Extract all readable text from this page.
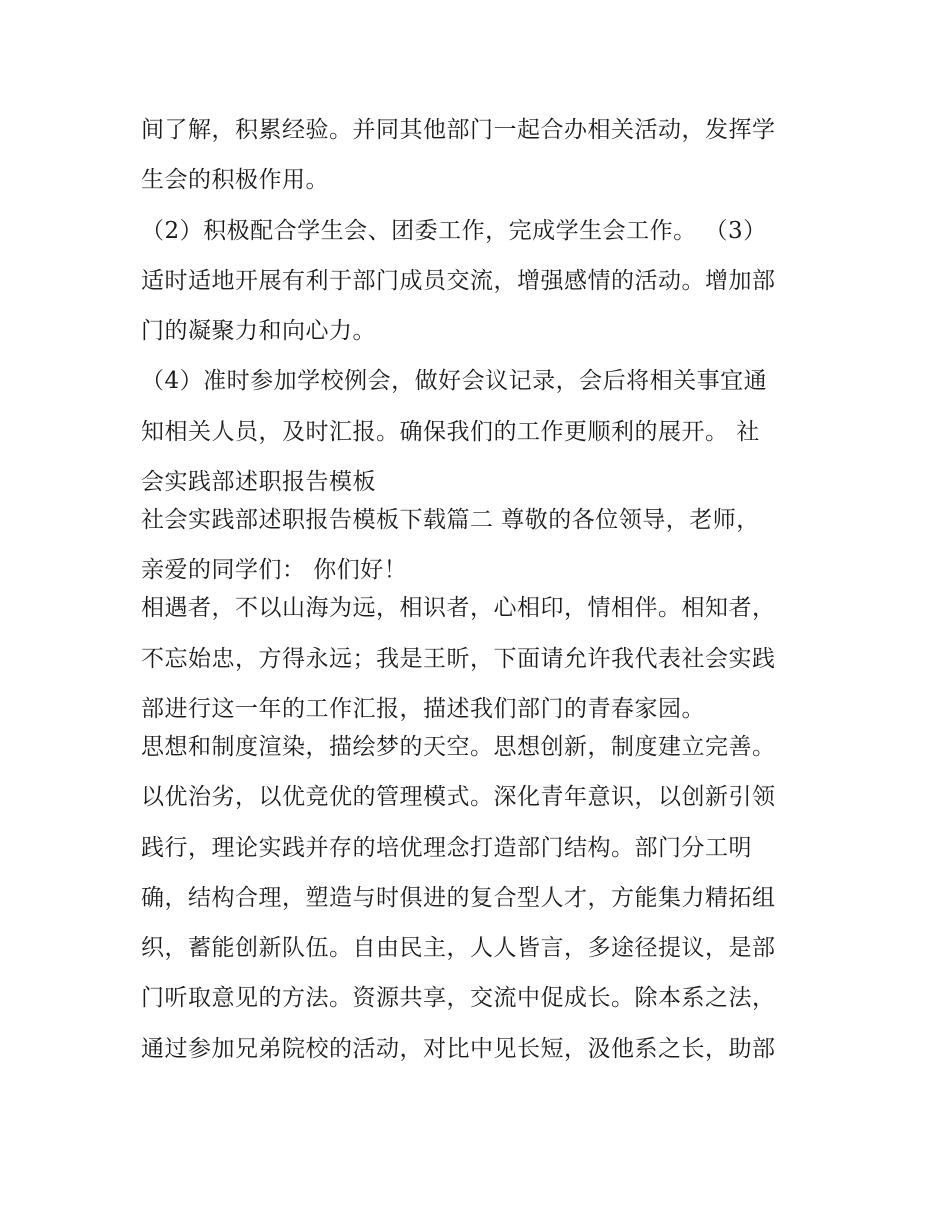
间了解，积累经验。并同其他部门一起合办相关活动，发挥学
生会的积极作用。
（2）积极配合学生会、团委工作，完成学生会工作。 （3）
适时适地开展有利于部门成员交流，增强感情的活动。增加部
门的凝聚力和向心力。
（4）准时参加学校例会，做好会议记录，会后将相关事宜通
知相关人员，及时汇报。确保我们的工作更顺利的展开。 社
会实践部述职报告模板
社会实践部述职报告模板下载篇二 尊敬的各位领导，老师，
亲爱的同学们： 你们好！
相遇者，不以山海为远，相识者，心相印，情相伴。相知者，
不忘始忠，方得永远；我是王昕，下面请允许我代表社会实践
部进行这一年的工作汇报，描述我们部门的青春家园。
思想和制度渲染，描绘梦的天空。思想创新，制度建立完善。
以优治劣，以优竞优的管理模式。深化青年意识，以创新引领
践行，理论实践并存的培优理念打造部门结构。部门分工明
确，结构合理，塑造与时俱进的复合型人才，方能集力精拓组
织，蓄能创新队伍。自由民主，人人皆言，多途径提议，是部
门听取意见的方法。资源共享，交流中促成长。除本系之法，
通过参加兄弟院校的活动，对比中见长短，汲他系之长，助部
